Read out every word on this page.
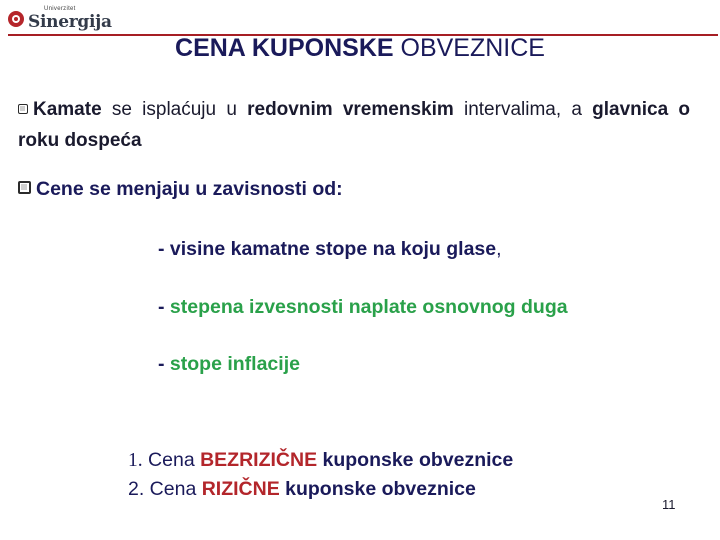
Univerzitet
Sinergija
CENA KUPONSKE OBVEZNICE
Kamate se isplaćuju u redovnim vremenskim intervalima, a glavnica o roku dospeća
Cene se menjaju u zavisnosti od:
- visine kamatne stope na koju glase,
- stepena izvesnosti naplate osnovnog duga
- stope inflacije
1. Cena BEZRIZIČNE kuponske obveznice
2. Cena RIZIČNE kuponske obveznice
11
